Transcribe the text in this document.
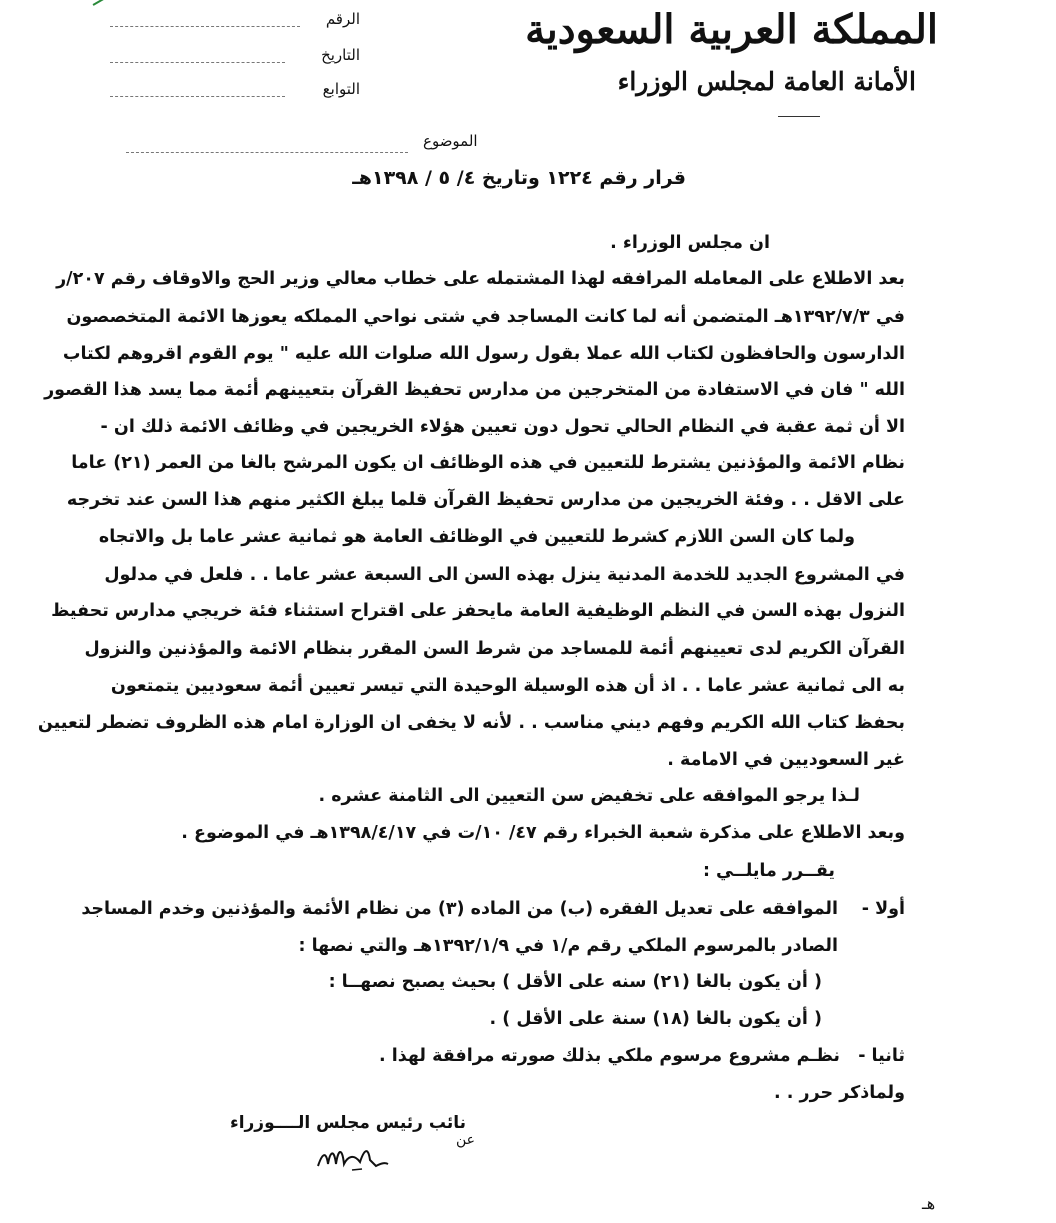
المملكة العربية السعودية
الأمانة العامة لمجلس الوزراء
الرقم
التاريخ
التوابع
الموضوع
قرار رقم ١٢٢٤ وتاريخ ٤/ ٥ / ١٣٩٨هـ
ان مجلس الوزراء .
بعد الاطلاع على المعامله المرافقه لهذا المشتمله على خطاب معالي وزير الحج والاوقاف رقم ٢٠٧/ر
في ١٣٩٢/٧/٣هـ المتضمن أنه لما كانت المساجد في شتى نواحي المملكه يعوزها الائمة المتخصصون
الدارسون والحافظون لكتاب الله عملا بقول رسول الله صلوات الله عليه " يوم القوم اقروهم لكتاب
الله " فان في الاستفادة من المتخرجين من مدارس تحفيظ القرآن بتعيينهم أئمة مما يسد هذا القصور
الا أن ثمة عقبة في النظام الحالي تحول دون تعيين هؤلاء الخريجين في وظائف الائمة ذلك ان -
نظام الائمة والمؤذنين يشترط للتعيين في هذه الوظائف ان يكون المرشح بالغا من العمر (٢١) عاما
على الاقل . . وفئة الخريجين من مدارس تحفيظ القرآن قلما يبلغ الكثير منهم هذا السن عند تخرجه
ولما كان السن اللازم كشرط للتعيين في الوظائف العامة هو ثمانية عشر عاما بل والاتجاه
في المشروع الجديد للخدمة المدنية ينزل بهذه السن الى السبعة عشر عاما . . فلعل في مدلول
النزول بهذه السن في النظم الوظيفية العامة مايحفز على اقتراح استثناء فئة خريجي مدارس تحفيظ
القرآن الكريم لدى تعيينهم أئمة للمساجد من شرط السن المقرر بنظام الائمة والمؤذنين والنزول
به الى ثمانية عشر عاما . . اذ أن هذه الوسيلة الوحيدة التي تيسر تعيين أئمة سعوديين يتمتعون
بحفظ كتاب الله الكريم وفهم ديني مناسب . . لأنه لا يخفى ان الوزارة امام هذه الظروف تضطر لتعيين
غير السعوديين في الامامة .
لـذا يرجو الموافقه على تخفيض سن التعيين الى الثامنة عشره .
وبعد الاطلاع على مذكرة شعبة الخبراء رقم ٤٧/ ١٠/ت في ١٣٩٨/٤/١٧هـ في الموضوع .
يقــرر مايلــي :
أولا -
الموافقه على تعديل الفقره (ب) من الماده (٣) من نظام الأئمة والمؤذنين وخدم المساجد
الصادر بالمرسوم الملكي رقم م/١ في ١٣٩٢/١/٩هـ والتي نصها :
( أن يكون بالغا (٢١) سنه على الأقل ) بحيث يصبح نصهــا :
( أن يكون بالغا (١٨) سنة على الأقل ) .
ثانيا -
نظـم مشروع مرسوم ملكي بذلك صورته مرافقة لهذا .
ولماذكر حرر . .
نائب رئيس مجلس الــــوزراء
عن
هـ
